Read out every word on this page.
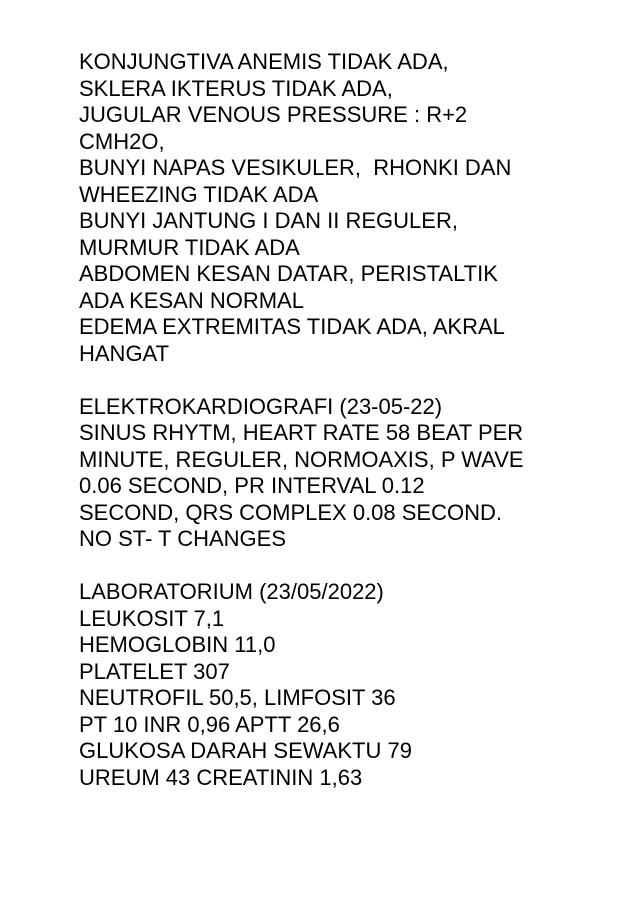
KONJUNGTIVA ANEMIS TIDAK ADA,
SKLERA IKTERUS TIDAK ADA,
JUGULAR VENOUS PRESSURE : R+2
CMH2O,
BUNYI NAPAS VESIKULER,  RHONKI DAN
WHEEZING TIDAK ADA
BUNYI JANTUNG I DAN II REGULER,
MURMUR TIDAK ADA
ABDOMEN KESAN DATAR, PERISTALTIK
ADA KESAN NORMAL
EDEMA EXTREMITAS TIDAK ADA, AKRAL
HANGAT
ELEKTROKARDIOGRAFI (23-05-22)
SINUS RHYTM, HEART RATE 58 BEAT PER
MINUTE, REGULER, NORMOAXIS, P WAVE
0.06 SECOND, PR INTERVAL 0.12
SECOND, QRS COMPLEX 0.08 SECOND.
NO ST- T CHANGES
LABORATORIUM (23/05/2022)
LEUKOSIT 7,1
HEMOGLOBIN 11,0
PLATELET 307
NEUTROFIL 50,5, LIMFOSIT 36
PT 10 INR 0,96 APTT 26,6
GLUKOSA DARAH SEWAKTU 79
UREUM 43 CREATININ 1,63
